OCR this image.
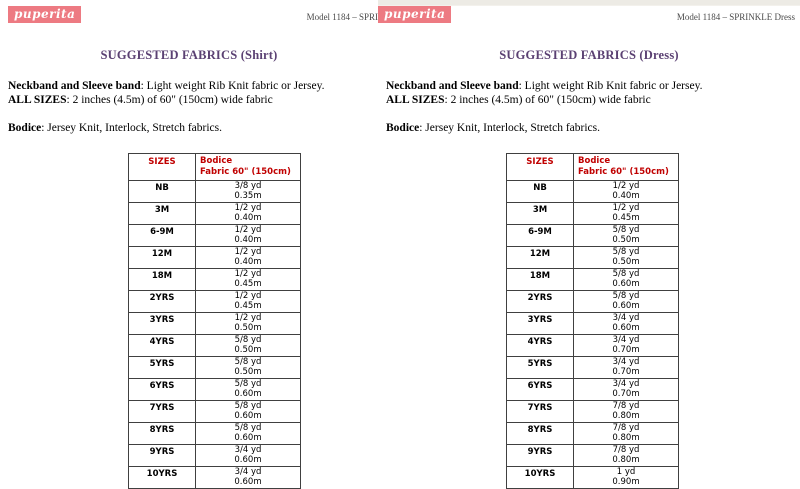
puperita	Model 1184 – SPRI
SUGGESTED FABRICS (Shirt)

Neckband and Sleeve band: Light weight Rib Knit fabric or Jersey.

ALL SIZES: 2 inches (4.5m) of 60" (150cm) wide fabric

Bodice: Jersey Knit, Interlock, Stretch fabrics.

SIZES	Bodice
Fabric 60" (150cm)

NB	3/8 yd
0.35m

3M	1/2 yd
0.40m

6-9M	1/2 yd
0.40m

12M	1/2 yd
0.40m

18M	1/2 yd
0.45m

2YRS	1/2 yd
0.45m

3YRS	1/2 yd
0.50m

4YRS	5/8 yd
0.50m

5YRS	5/8 yd
0.50m

6YRS	5/8 yd
0.60m

7YRS	5/8 yd
0.60m

8YRS	5/8 yd
0.60m

9YRS	3/4 yd
0.60m

10YRS	3/4 yd
0.60m
puperita	Model 1184 – SPRINKLE Dress
SUGGESTED FABRICS (Dress)

Neckband and Sleeve band: Light weight Rib Knit fabric or Jersey.

ALL SIZES: 2 inches (4.5m) of 60" (150cm) wide fabric

Bodice: Jersey Knit, Interlock, Stretch fabrics.

SIZES	Bodice
Fabric 60" (150cm)

NB	1/2 yd
0.40m

3M	1/2 yd
0.45m

6-9M	5/8 yd
0.50m

12M	5/8 yd
0.50m

18M	5/8 yd
0.60m

2YRS	5/8 yd
0.60m

3YRS	3/4 yd
0.60m

4YRS	3/4 yd
0.70m

5YRS	3/4 yd
0.70m

6YRS	3/4 yd
0.70m

7YRS	7/8 yd
0.80m

8YRS	7/8 yd
0.80m

9YRS	7/8 yd
0.80m

10YRS	1 yd
0.90m
